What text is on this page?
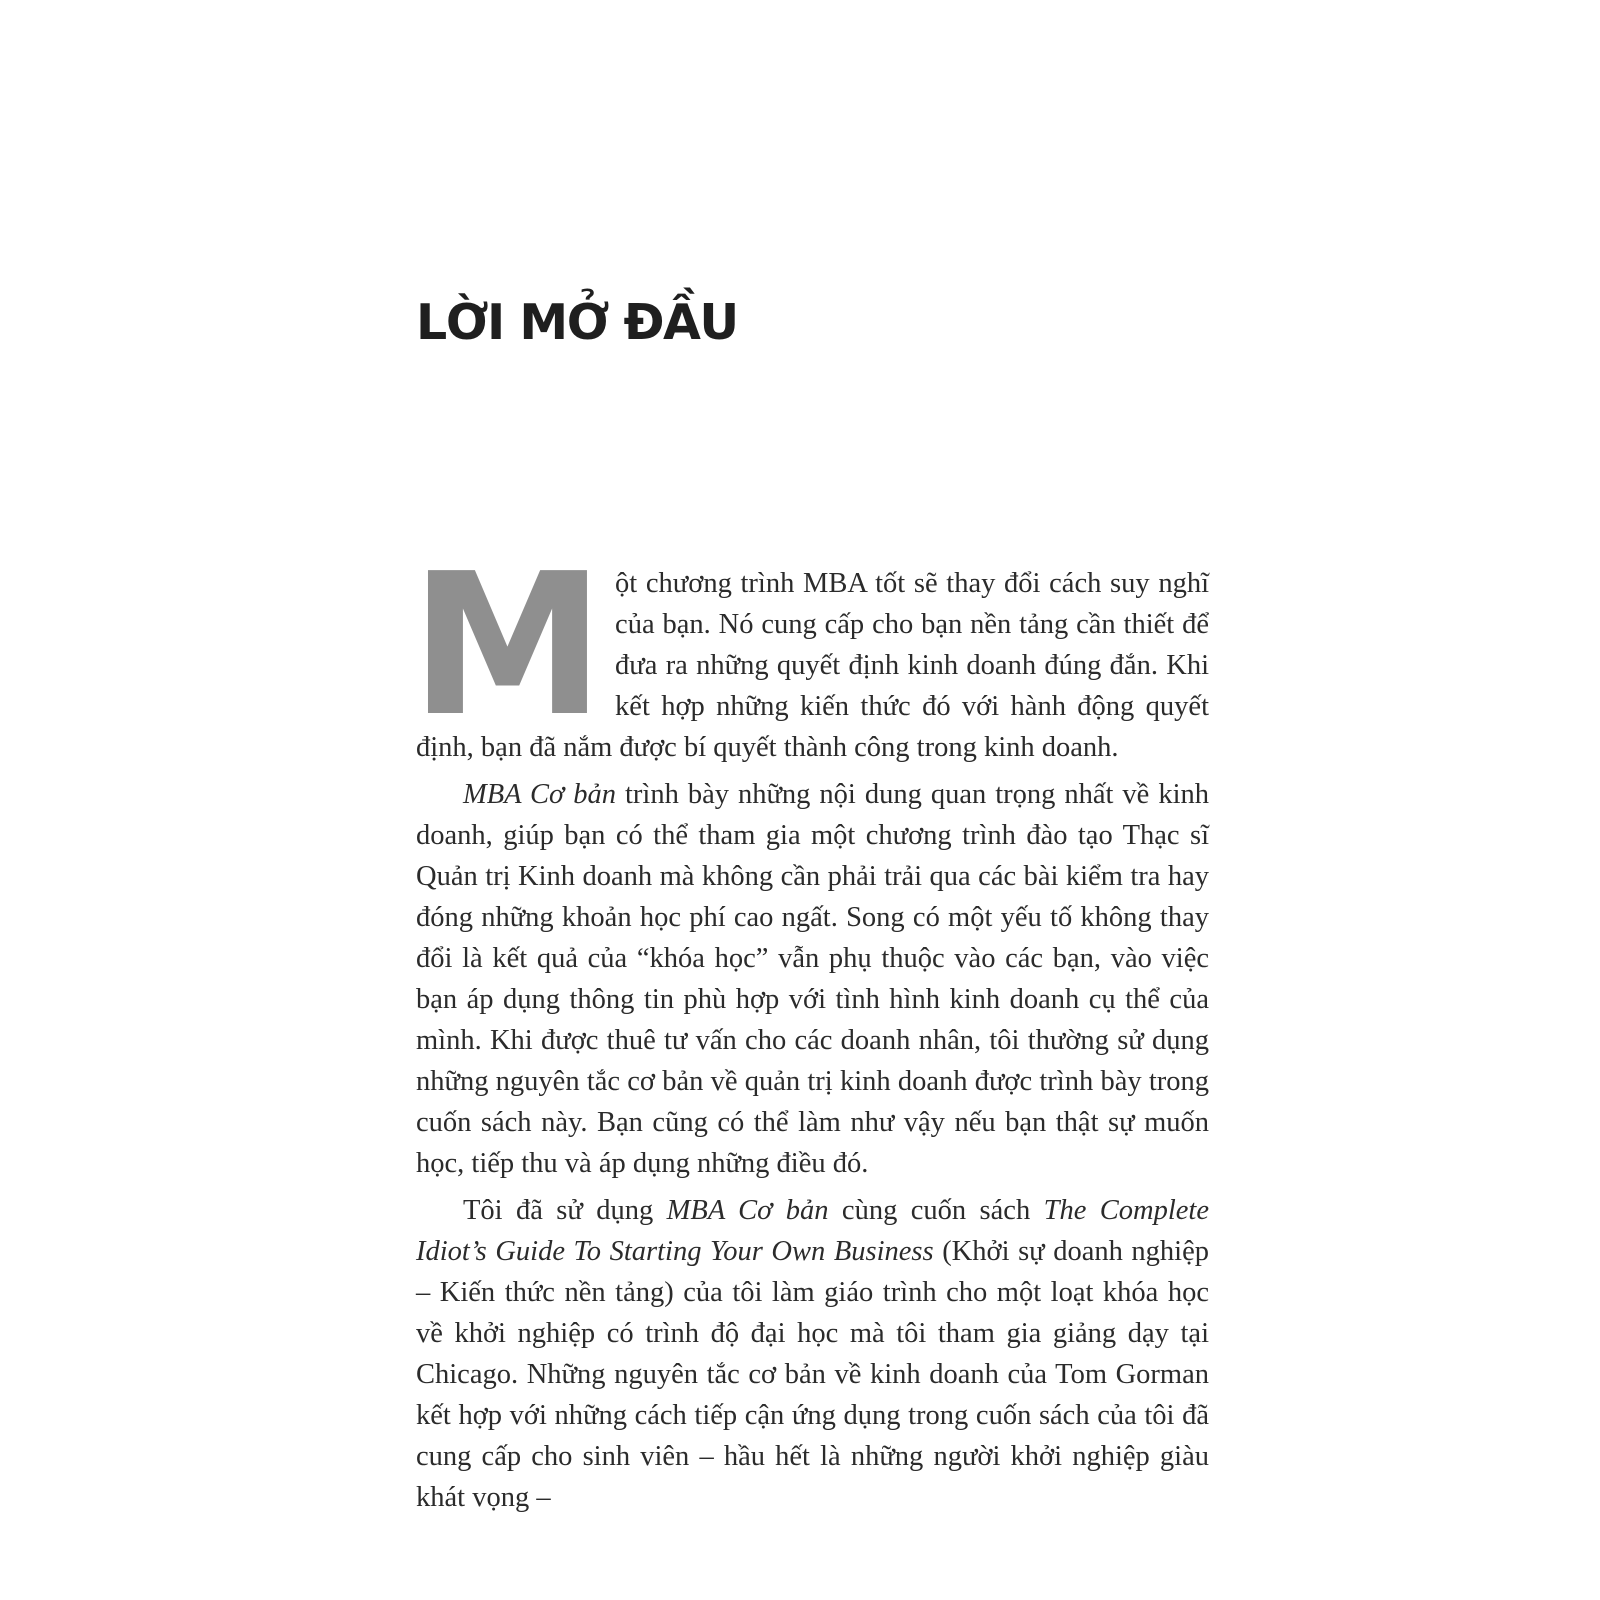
LỜI MỞ ĐẦU

Một chương trình MBA tốt sẽ thay đổi cách suy nghĩ của bạn. Nó cung cấp cho bạn nền tảng cần thiết để đưa ra những quyết định kinh doanh đúng đắn. Khi kết hợp những kiến thức đó với hành động quyết định, bạn đã nắm được bí quyết thành công trong kinh doanh.

MBA Cơ bản trình bày những nội dung quan trọng nhất về kinh doanh, giúp bạn có thể tham gia một chương trình đào tạo Thạc sĩ Quản trị Kinh doanh mà không cần phải trải qua các bài kiểm tra hay đóng những khoản học phí cao ngất. Song có một yếu tố không thay đổi là kết quả của “khóa học” vẫn phụ thuộc vào các bạn, vào việc bạn áp dụng thông tin phù hợp với tình hình kinh doanh cụ thể của mình. Khi được thuê tư vấn cho các doanh nhân, tôi thường sử dụng những nguyên tắc cơ bản về quản trị kinh doanh được trình bày trong cuốn sách này. Bạn cũng có thể làm như vậy nếu bạn thật sự muốn học, tiếp thu và áp dụng những điều đó.

Tôi đã sử dụng MBA Cơ bản cùng cuốn sách The Complete Idiot’s Guide To Starting Your Own Business (Khởi sự doanh nghiệp – Kiến thức nền tảng) của tôi làm giáo trình cho một loạt khóa học về khởi nghiệp có trình độ đại học mà tôi tham gia giảng dạy tại Chicago. Những nguyên tắc cơ bản về kinh doanh của Tom Gorman kết hợp với những cách tiếp cận ứng dụng trong cuốn sách của tôi đã cung cấp cho sinh viên – hầu hết là những người khởi nghiệp giàu khát vọng –
